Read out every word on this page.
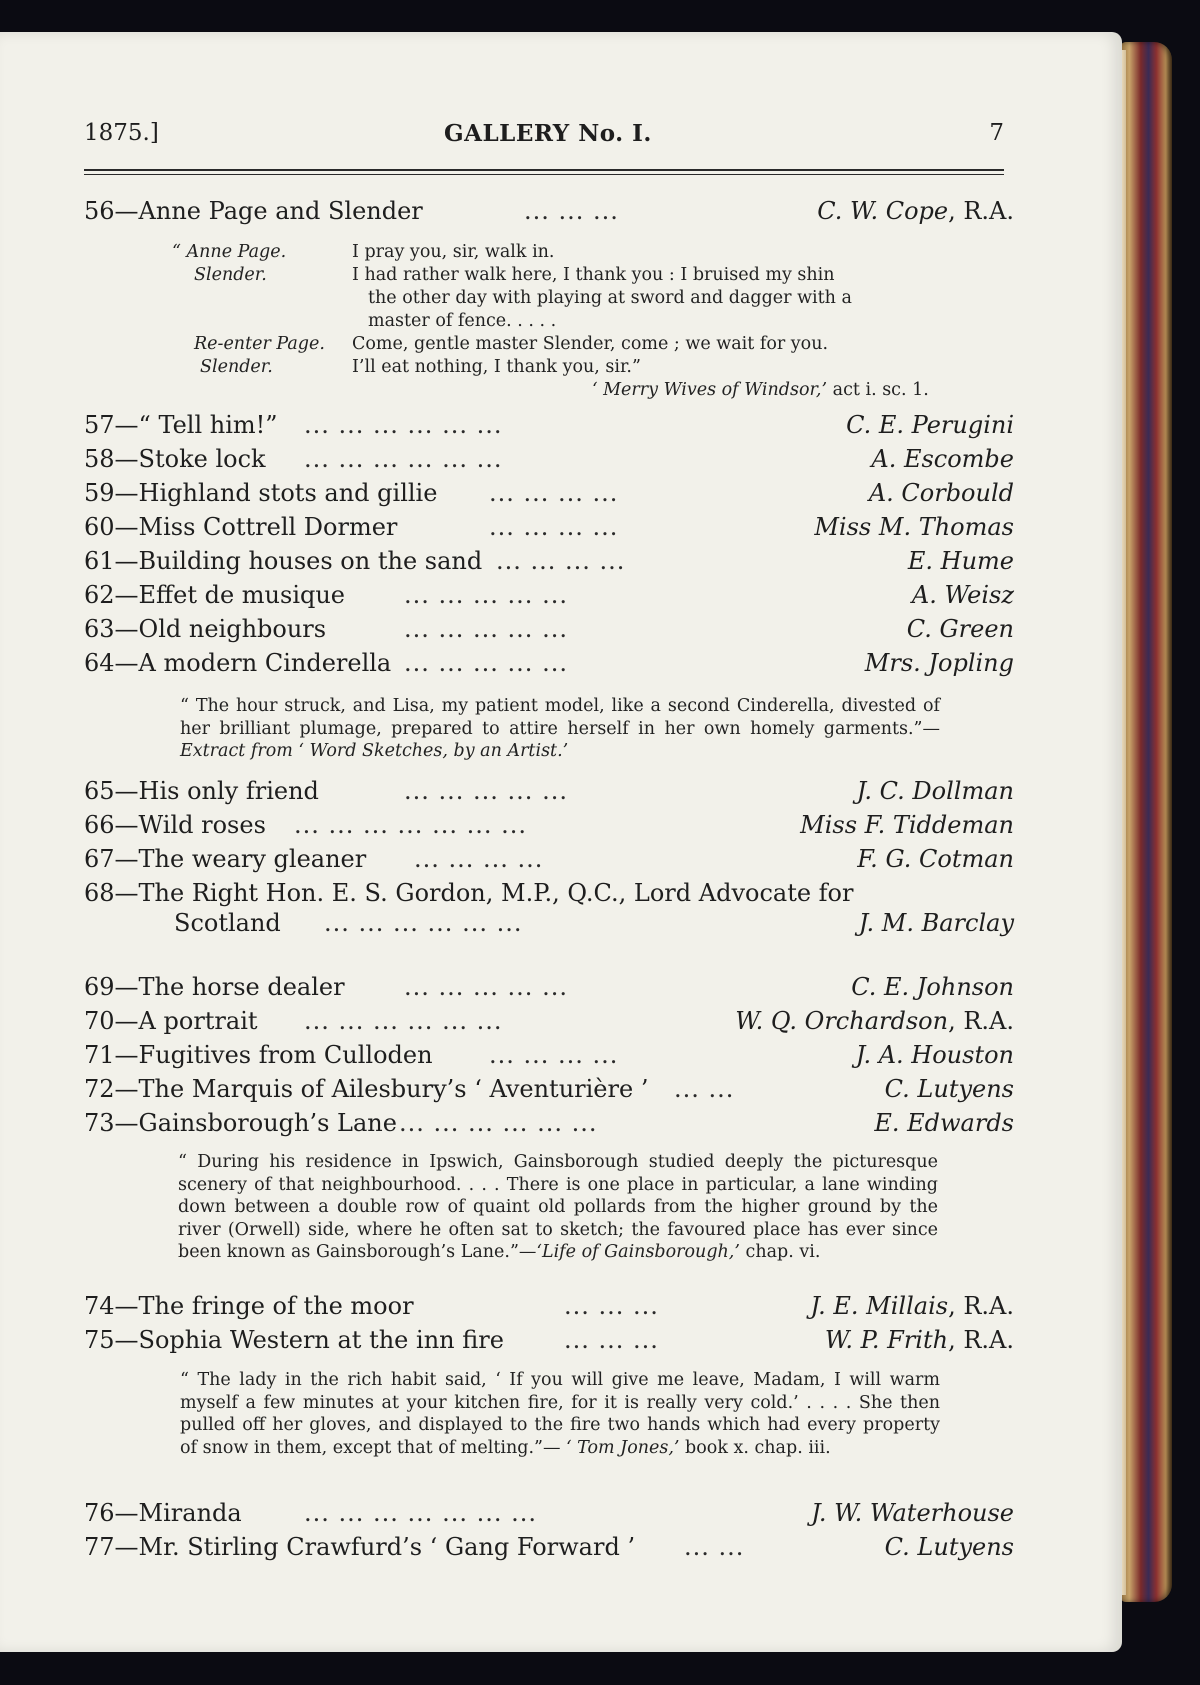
1875.]	GALLERY No. I.	7
56—Anne Page and Slender	... ... ...	C. W. Cope, R.A.
“ Anne Page.	I pray you, sir, walk in.
Slender.	I had rather walk here, I thank you : I bruised my shin
the other day with playing at sword and dagger with a
master of fence. . . . .
Re-enter Page. Come, gentle master Slender, come ; we wait for you.
Slender.	I’ll eat nothing, I thank you, sir.”
‘ Merry Wives of Windsor,’ act i. sc. 1.
57—“ Tell him!” ... ... ... ... ... ...	C. E. Perugini
58—Stoke lock ... ... ... ... ... ...	A. Escombe
59—Highland stots and gillie ... ... ... ...	A. Corbould
60—Miss Cottrell Dormer	... ... ... ...	Miss M. Thomas
61—Building houses on the sand ... ... ... ...	E. Hume
62—Effet de musique ... ... ... ... ...	A. Weisz
63—Old neighbours	... ... ... ... ...	C. Green
64—A modern Cinderella ... ... ... ... ...	Mrs. Jopling
“ The hour struck, and Lisa, my patient model, like a second Cinderella, divested of her brilliant plumage, prepared to attire herself in her own homely garments.”—Extract from ‘ Word Sketches, by an Artist.’
65—His only friend	... ... ... ... ...	J. C. Dollman
66—Wild roses ... ... ... ... ... ... ...	Miss F. Tiddeman
67—The weary gleaner ... ... ... ...	F. G. Cotman
68—The Right Hon. E. S. Gordon, M.P., Q.C., Lord Advocate for
Scotland ... ... ... ... ... ...	J. M. Barclay
69—The horse dealer ... ... ... ... ...	C. E. Johnson
70—A portrait ... ... ... ... ... ...	W. Q. Orchardson, R.A.
71—Fugitives from Culloden ... ... ... ...	J. A. Houston
72—The Marquis of Ailesbury’s ‘ Aventurière ’ ... ...	C. Lutyens
73—Gainsborough’s Lane ... ... ... ... ... ...	E. Edwards
“ During his residence in Ipswich, Gainsborough studied deeply the picturesque scenery of that neighbourhood. . . . There is one place in particular, a lane winding down between a double row of quaint old pollards from the higher ground by the river (Orwell) side, where he often sat to sketch; the favoured place has ever since been known as Gainsborough’s Lane.”—‘Life of Gainsborough,’ chap. vi.
74—The fringe of the moor	... ... ...	J. E. Millais, R.A.
75—Sophia Western at the inn fire	... ... ...	W. P. Frith, R.A.
“ The lady in the rich habit said, ‘ If you will give me leave, Madam, I will warm myself a few minutes at your kitchen fire, for it is really very cold.’ . . . . She then pulled off her gloves, and displayed to the fire two hands which had every property of snow in them, except that of melting.”— ‘ Tom Jones,’ book x. chap. iii.
76—Miranda	... ... ... ... ... ... ...	J. W. Waterhouse
77—Mr. Stirling Crawfurd’s ‘ Gang Forward ’ ... ...	C. Lutyens
